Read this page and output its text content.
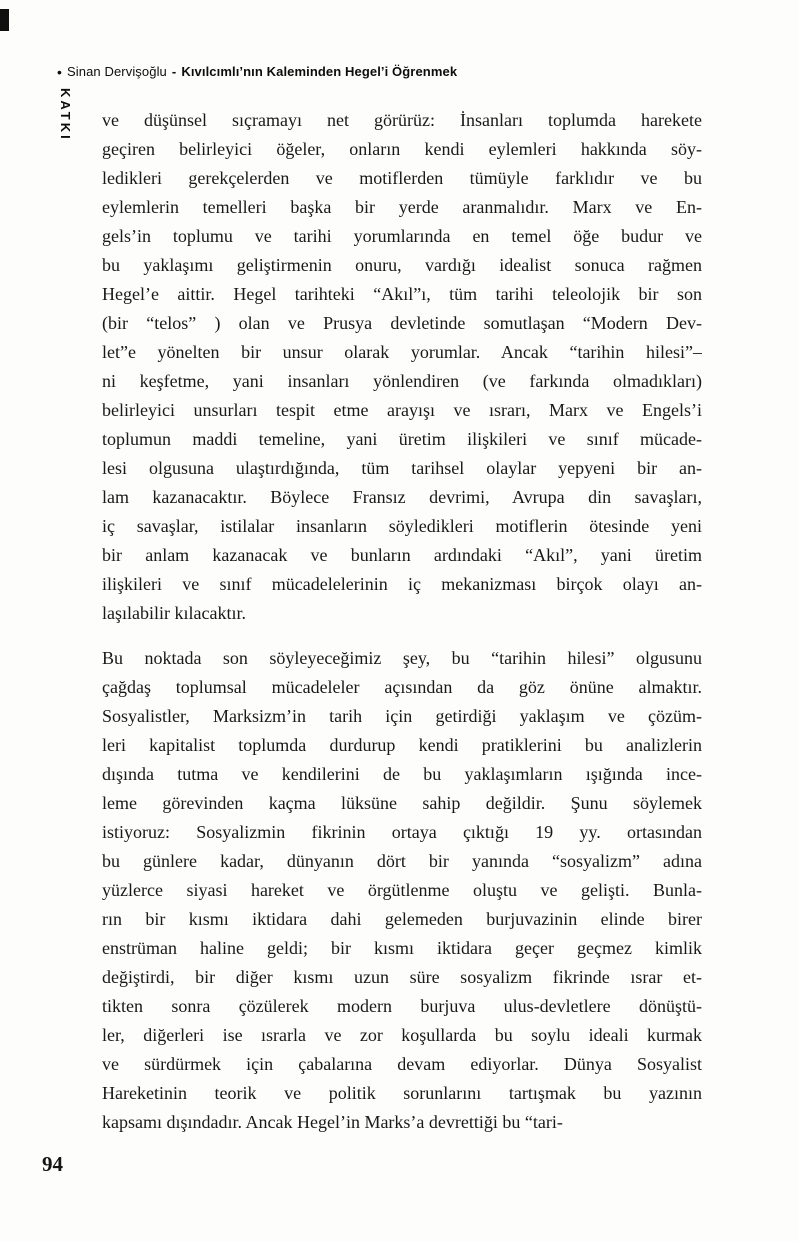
• Sinan Dervişoğlu - Kıvılcımlı’nın Kaleminden Hegel’i Öğrenmek
KATKI ve düşünsel sıçramayı net görürüz: İnsanları toplumda harekete
geçiren belirleyici öğeler, onların kendi eylemleri hakkında söy-
ledikleri gerekçelerden ve motiflerden tümüyle farklıdır ve bu
eylemlerin temelleri başka bir yerde aranmalıdır. Marx ve En-
gels’in toplumu ve tarihi yorumlarında en temel öğe budur ve
bu yaklaşımı geliştirmenin onuru, vardığı idealist sonuca rağmen
Hegel’e aittir. Hegel tarihteki “Akıl”ı, tüm tarihi teleolojik bir son
(bir “telos” ) olan ve Prusya devletinde somutlaşan “Modern Dev-
let”e yönelten bir unsur olarak yorumlar. Ancak “tarihin hilesi”–
ni keşfetme, yani insanları yönlendiren (ve farkında olmadıkları)
belirleyici unsurları tespit etme arayışı ve ısrarı, Marx ve Engels’i
toplumun maddi temeline, yani üretim ilişkileri ve sınıf mücade-
lesi olgusuna ulaştırdığında, tüm tarihsel olaylar yepyeni bir an-
lam kazanacaktır. Böylece Fransız devrimi, Avrupa din savaşları,
iç savaşlar, istilalar insanların söyledikleri motiflerin ötesinde yeni
bir anlam kazanacak ve bunların ardındaki “Akıl”, yani üretim
ilişkileri ve sınıf mücadelelerinin iç mekanizması birçok olayı an-
laşılabilir kılacaktır.
Bu noktada son söyleyeceğimiz şey, bu “tarihin hilesi” olgusunu
çağdaş toplumsal mücadeleler açısından da göz önüne almaktır.
Sosyalistler, Marksizm’in tarih için getirdiği yaklaşım ve çözüm-
leri kapitalist toplumda durdurup kendi pratiklerini bu analizlerin
dışında tutma ve kendilerini de bu yaklaşımların ışığında ince-
leme görevinden kaçma lüksüne sahip değildir. Şunu söylemek
istiyoruz: Sosyalizmin fikrinin ortaya çıktığı 19 yy. ortasından
bu günlere kadar, dünyanın dört bir yanında “sosyalizm” adına
yüzlerce siyasi hareket ve örgütlenme oluştu ve gelişti. Bunla-
rın bir kısmı iktidara dahi gelemeden burjuvazinin elinde birer
enstrüman haline geldi; bir kısmı iktidara geçer geçmez kimlik
değiştirdi, bir diğer kısmı uzun süre sosyalizm fikrinde ısrar et-
tikten sonra çözülerek modern burjuva ulus-devletlere dönüştü-
ler, diğerleri ise ısrarla ve zor koşullarda bu soylu ideali kurmak
ve sürdürmek için çabalarına devam ediyorlar. Dünya Sosyalist
Hareketinin teorik ve politik sorunlarını tartışmak bu yazının
kapsamı dışındadır. Ancak Hegel’in Marks’a devrettiği bu “tari-
94
